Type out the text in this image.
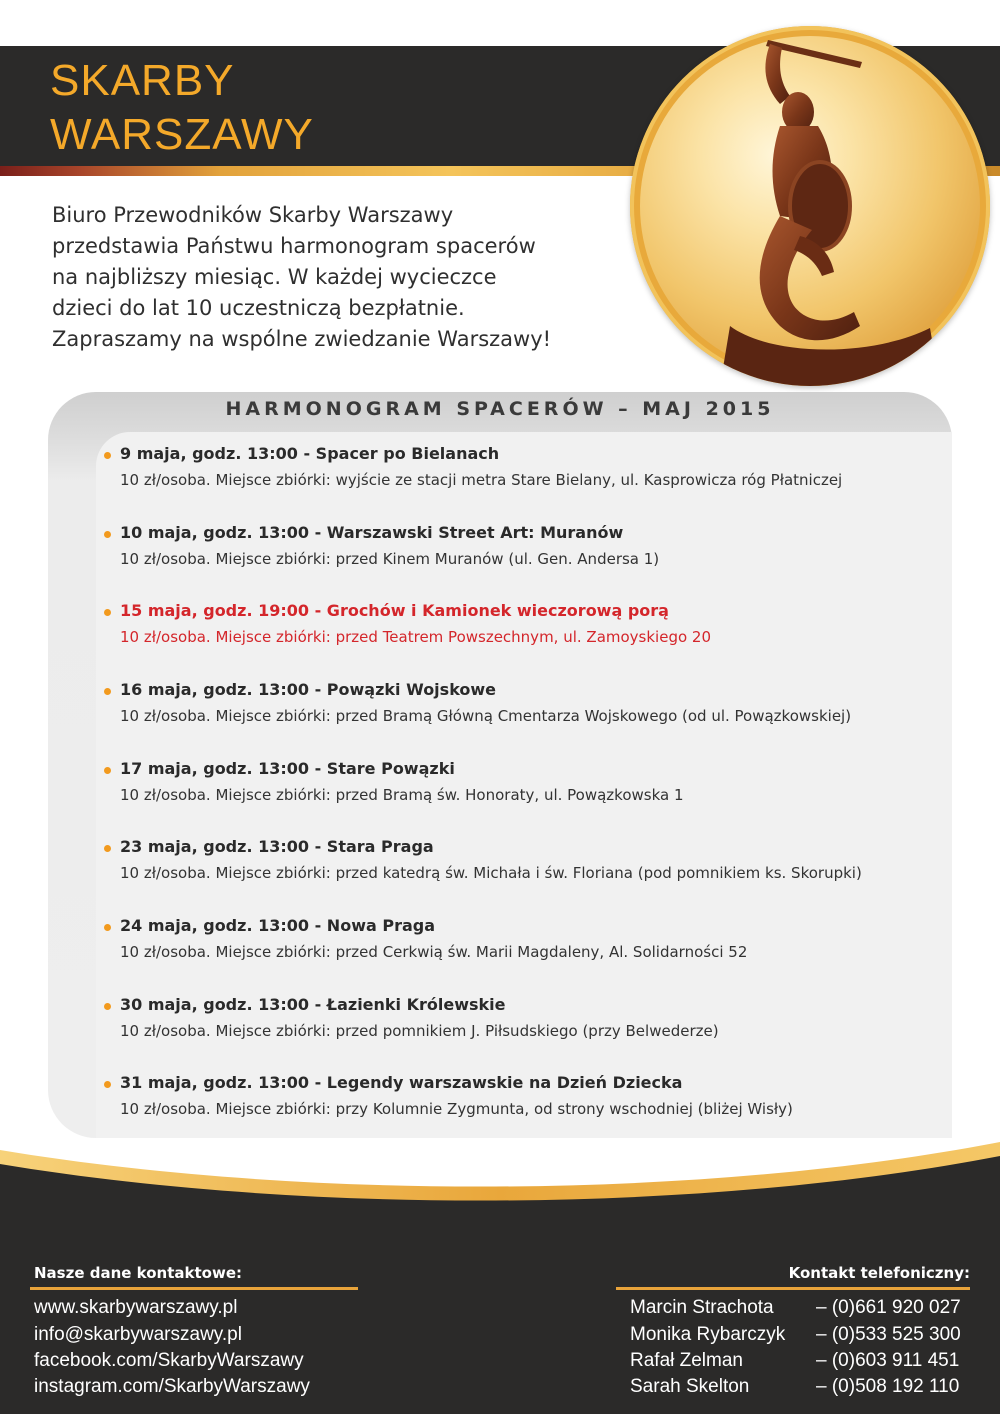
SKARBY
WARSZAWY

Biuro Przewodników Skarby Warszawy
przedstawia Państwu harmonogram spacerów
na najbliższy miesiąc. W każdej wycieczce
dzieci do lat 10 uczestniczą bezpłatnie.
Zapraszamy na wspólne zwiedzanie Warszawy!

HARMONOGRAM SPACERÓW – MAJ 2015
9 maja, godz. 13:00 - Spacer po Bielanach
10 zł/osoba. Miejsce zbiórki: wyjście ze stacji metra Stare Bielany, ul. Kasprowicza róg Płatniczej
10 maja, godz. 13:00 - Warszawski Street Art: Muranów
10 zł/osoba. Miejsce zbiórki: przed Kinem Muranów (ul. Gen. Andersa 1)
15 maja, godz. 19:00 - Grochów i Kamionek wieczorową porą
10 zł/osoba. Miejsce zbiórki: przed Teatrem Powszechnym, ul. Zamoyskiego 20
16 maja, godz. 13:00 - Powązki Wojskowe
10 zł/osoba. Miejsce zbiórki: przed Bramą Główną Cmentarza Wojskowego (od ul. Powązkowskiej)
17 maja, godz. 13:00 - Stare Powązki
10 zł/osoba. Miejsce zbiórki: przed Bramą św. Honoraty, ul. Powązkowska 1
23 maja, godz. 13:00 - Stara Praga
10 zł/osoba. Miejsce zbiórki: przed katedrą św. Michała i św. Floriana (pod pomnikiem ks. Skorupki)
24 maja, godz. 13:00 - Nowa Praga
10 zł/osoba. Miejsce zbiórki: przed Cerkwią św. Marii Magdaleny, Al. Solidarności 52
30 maja, godz. 13:00 - Łazienki Królewskie
10 zł/osoba. Miejsce zbiórki: przed pomnikiem J. Piłsudskiego (przy Belwederze)
31 maja, godz. 13:00 - Legendy warszawskie na Dzień Dziecka
10 zł/osoba. Miejsce zbiórki: przy Kolumnie Zygmunta, od strony wschodniej (bliżej Wisły)
Nasze dane kontaktowe:	Kontakt telefoniczny:
www.skarbywarszawy.pl
info@skarbywarszawy.pl
facebook.com/SkarbyWarszawy
instagram.com/SkarbyWarszawy
Marcin Strachota – (0)661 920 027
Monika Rybarczyk – (0)533 525 300
Rafał Zelman	– (0)603 911 451
Sarah Skelton	– (0)508 192 110
